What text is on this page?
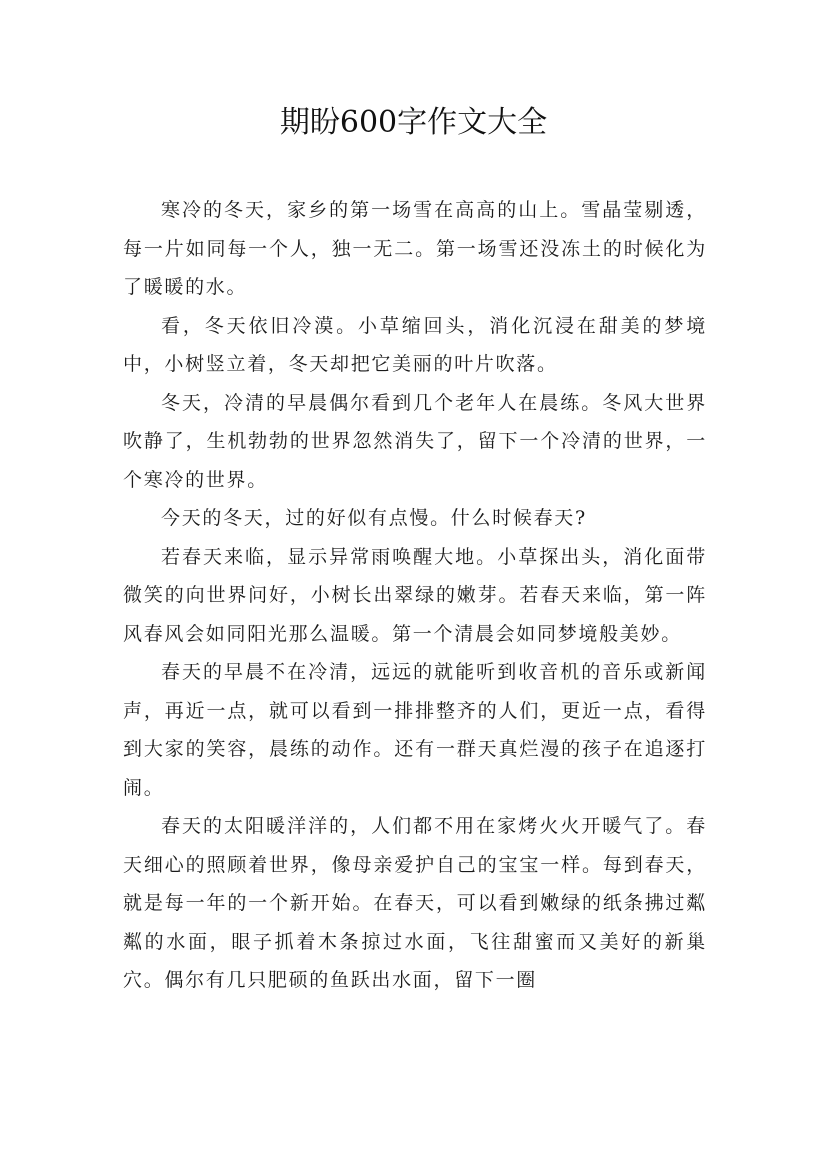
期盼600字作文大全

寒冷的冬天，家乡的第一场雪在高高的山上。雪晶莹剔透，每一片如同每一个人，独一无二。第一场雪还没冻土的时候化为了暖暖的水。

看，冬天依旧冷漠。小草缩回头，消化沉浸在甜美的梦境中，小树竖立着，冬天却把它美丽的叶片吹落。

冬天，冷清的早晨偶尔看到几个老年人在晨练。冬风大世界吹静了，生机勃勃的世界忽然消失了，留下一个冷清的世界，一个寒冷的世界。

今天的冬天，过的好似有点慢。什么时候春天?

若春天来临，显示异常雨唤醒大地。小草探出头，消化面带微笑的向世界问好，小树长出翠绿的嫩芽。若春天来临，第一阵风春风会如同阳光那么温暖。第一个清晨会如同梦境般美妙。

春天的早晨不在冷清，远远的就能听到收音机的音乐或新闻声，再近一点，就可以看到一排排整齐的人们，更近一点，看得到大家的笑容，晨练的动作。还有一群天真烂漫的孩子在追逐打闹。

春天的太阳暖洋洋的，人们都不用在家烤火火开暖气了。春天细心的照顾着世界，像母亲爱护自己的宝宝一样。每到春天，就是每一年的一个新开始。在春天，可以看到嫩绿的纸条拂过粼粼的水面，眼子抓着木条掠过水面，飞往甜蜜而又美好的新巢穴。偶尔有几只肥硕的鱼跃出水面，留下一圈
